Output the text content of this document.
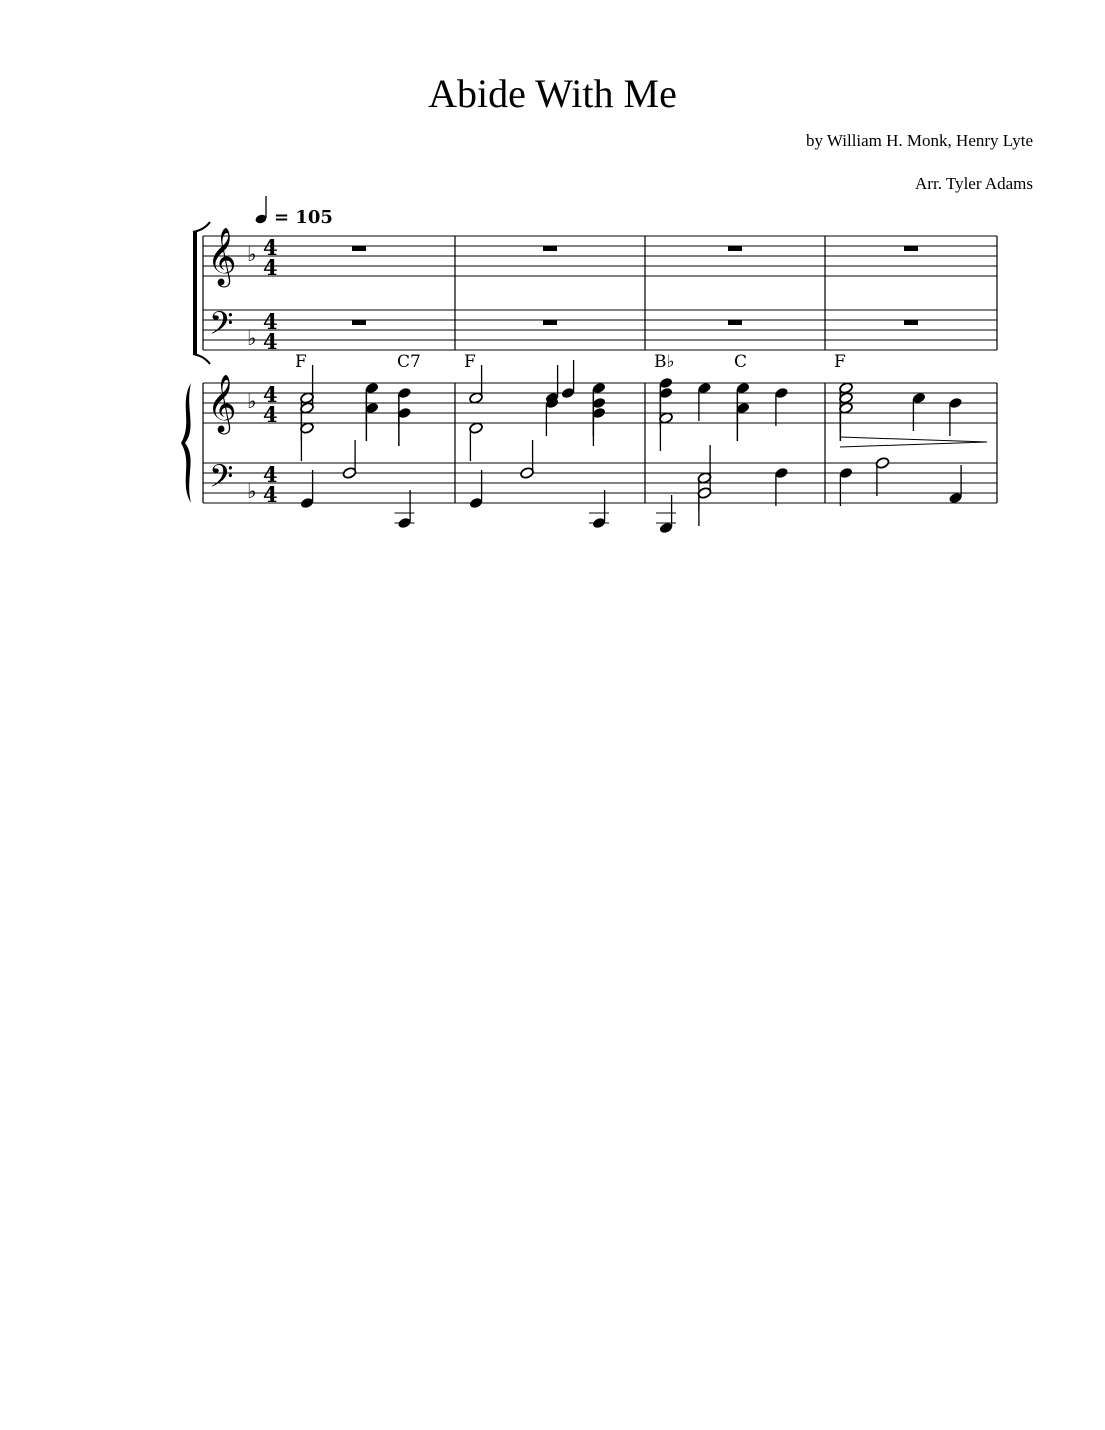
Abide With Me
by William H. Monk, Henry Lyte
Arr. Tyler Adams
= 105
𝄞
𝄢
𝄞
𝄢
♭
♭
♭
♭
4
4
4
4
4
4
4
4
F	C7	F	B♭	C	F
